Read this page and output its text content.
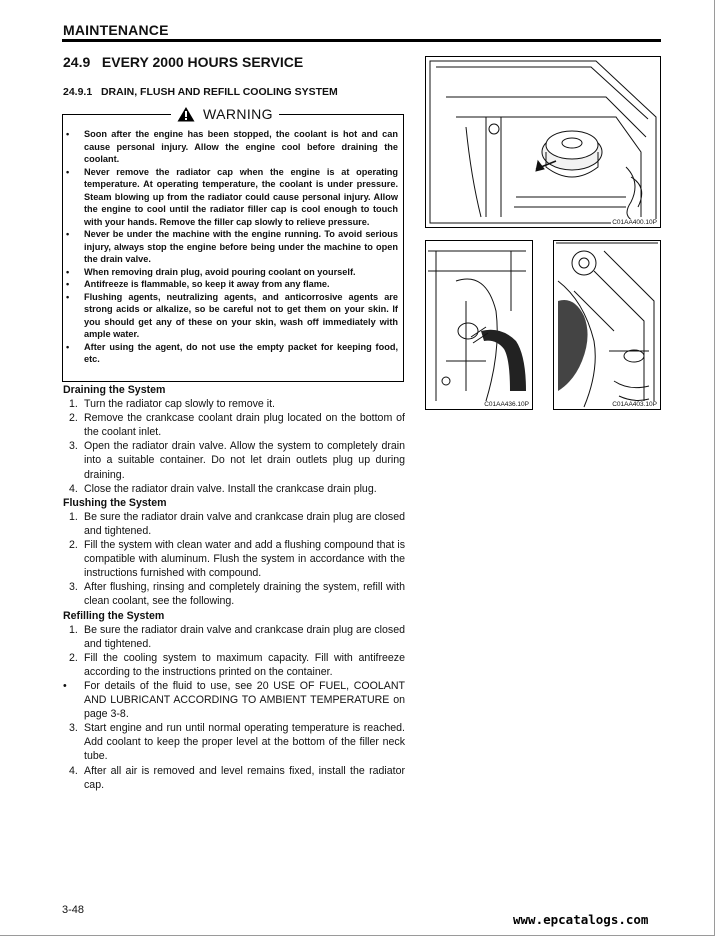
MAINTENANCE
24.9 EVERY 2000 HOURS SERVICE
24.9.1 DRAIN, FLUSH AND REFILL COOLING SYSTEM
WARNING
• Soon after the engine has been stopped, the coolant is hot and can cause personal injury. Allow the engine cool before draining the coolant.
• Never remove the radiator cap when the engine is at operating temperature. At operating temperature, the coolant is under pressure. Steam blowing up from the radiator could cause personal injury. Allow the engine to cool until the radiator filler cap is cool enough to touch with your hands. Remove the filler cap slowly to relieve pressure.
• Never be under the machine with the engine running. To avoid serious injury, always stop the engine before being under the machine to open the drain valve.
• When removing drain plug, avoid pouring coolant on yourself.
• Antifreeze is flammable, so keep it away from any flame.
• Flushing agents, neutralizing agents, and anticorrosive agents are strong acids or alkalize, so be careful not to get them on your skin. If you should get any of these on your skin, wash off immediately with ample water.
• After using the agent, do not use the empty packet for keeping food, etc.
Draining the System
1. Turn the radiator cap slowly to remove it.
2. Remove the crankcase coolant drain plug located on the bottom of the coolant inlet.
3. Open the radiator drain valve. Allow the system to completely drain into a suitable container. Do not let drain outlets plug up during draining.
4. Close the radiator drain valve. Install the crankcase drain plug.
Flushing the System
1. Be sure the radiator drain valve and crankcase drain plug are closed and tightened.
2. Fill the system with clean water and add a flushing compound that is compatible with aluminum. Flush the system in accordance with the instructions furnished with compound.
3. After flushing, rinsing and completely draining the system, refill with clean coolant, see the following.
Refilling the System
1. Be sure the radiator drain valve and crankcase drain plug are closed and tightened.
2. Fill the cooling system to maximum capacity. Fill with antifreeze according to the instructions printed on the container.
• For details of the fluid to use, see 20 USE OF FUEL, COOLANT AND LUBRICANT ACCORDING TO AMBIENT TEMPERATURE on page 3-8.
3. Start engine and run until normal operating temperature is reached. Add coolant to keep the proper level at the bottom of the filler neck tube.
4. After all air is removed and level remains fixed, install the radiator cap.
C01AA400.10P
C01AA436.10P	C01AA403.10P
3-48
www.epcatalogs.com
